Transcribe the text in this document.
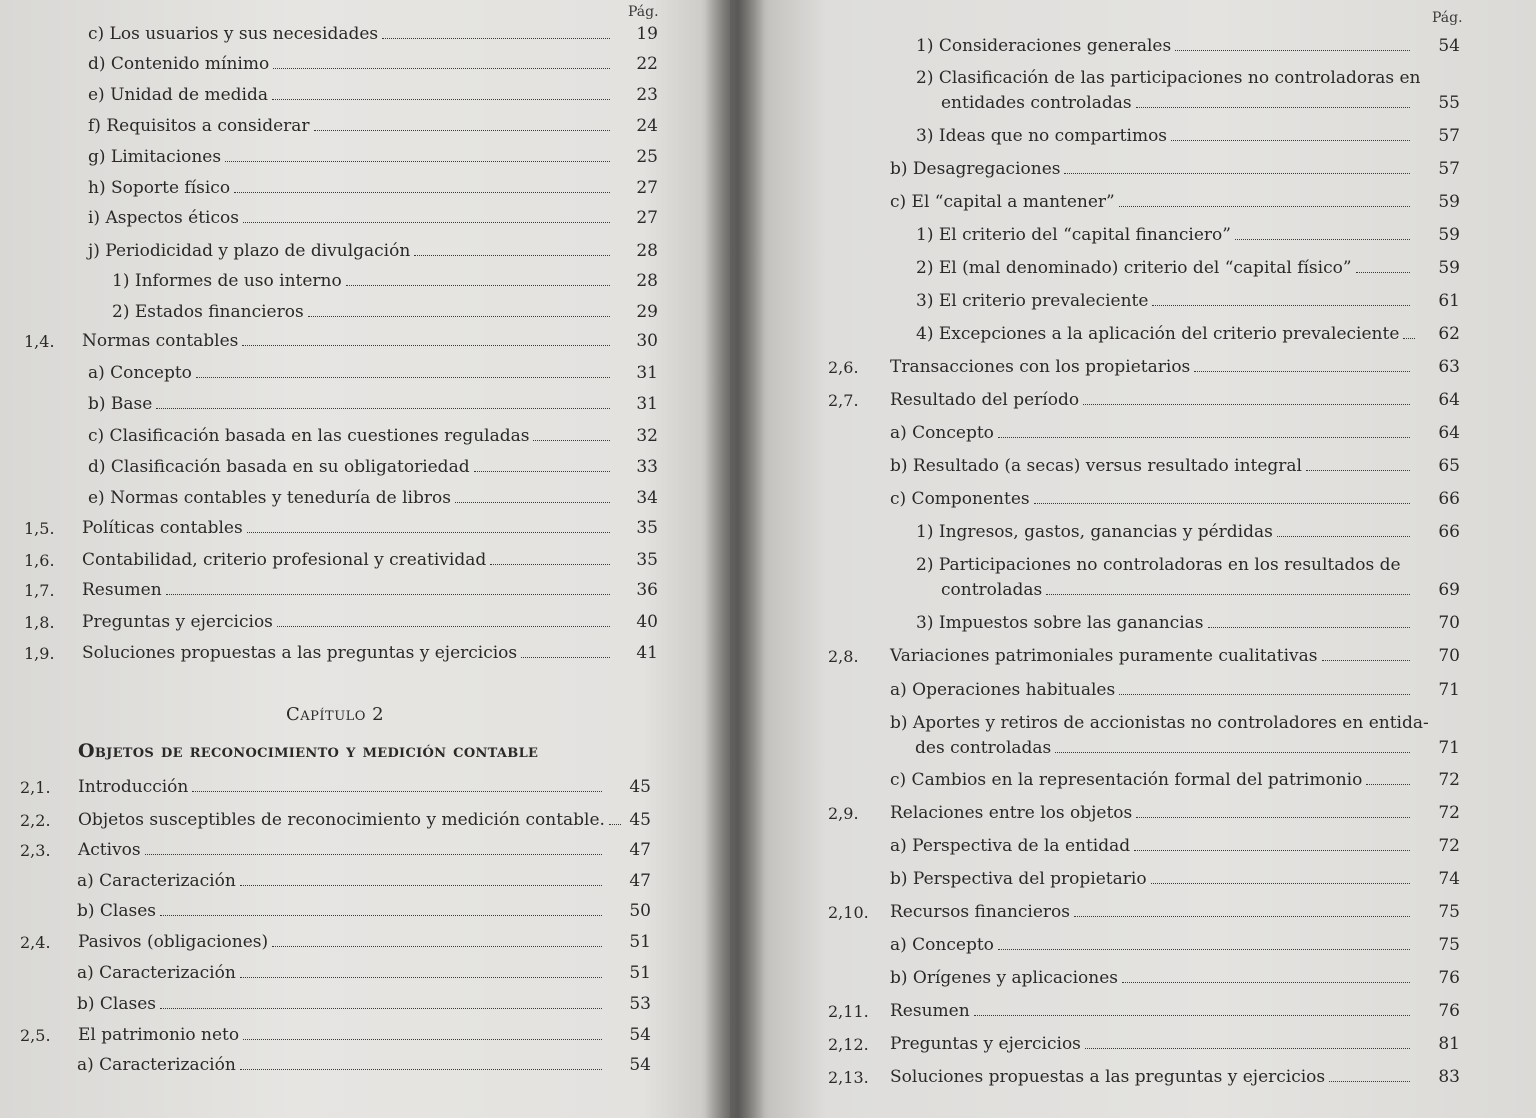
Pág.
c) Los usuarios y sus necesidades	19
d) Contenido mínimo	22
e) Unidad de medida	23
f) Requisitos a considerar	24
g) Limitaciones	25
h) Soporte físico	27
i) Aspectos éticos	27
j) Periodicidad y plazo de divulgación	28
1) Informes de uso interno	28
2) Estados financieros	29
1,4. Normas contables	30
a) Concepto	31
b) Base	31
c) Clasificación basada en las cuestiones reguladas	32
d) Clasificación basada en su obligatoriedad	33
e) Normas contables y teneduría de libros	34
1,5. Políticas contables	35
1,6. Contabilidad, criterio profesional y creatividad	35
1,7. Resumen	36
1,8. Preguntas y ejercicios	40
1,9. Soluciones propuestas a las preguntas y ejercicios	41
Capítulo 2
Objetos de reconocimiento y medición contable
2,1. Introducción	45
2,2. Objetos susceptibles de reconocimiento y medición contable.	45
2,3. Activos	47
a) Caracterización	47
b) Clases	50
2,4. Pasivos (obligaciones)	51
a) Caracterización	51
b) Clases	53
2,5. El patrimonio neto	54
a) Caracterización	54
Pág.
1) Consideraciones generales	54
2) Clasificación de las participaciones no controladoras en
entidades controladas	55
3) Ideas que no compartimos	57
b) Desagregaciones	57
c) El “capital a mantener”	59
1) El criterio del “capital financiero”	59
2) El (mal denominado) criterio del “capital físico”	59
3) El criterio prevaleciente	61
4) Excepciones a la aplicación del criterio prevaleciente	62
2,6. Transacciones con los propietarios	63
2,7. Resultado del período	64
a) Concepto	64
b) Resultado (a secas) versus resultado integral	65
c) Componentes	66
1) Ingresos, gastos, ganancias y pérdidas	66
2) Participaciones no controladoras en los resultados de
controladas	69
3) Impuestos sobre las ganancias	70
2,8. Variaciones patrimoniales puramente cualitativas	70
a) Operaciones habituales	71
b) Aportes y retiros de accionistas no controladores en entida-
des controladas	71
c) Cambios en la representación formal del patrimonio	72
2,9. Relaciones entre los objetos	72
a) Perspectiva de la entidad	72
b) Perspectiva del propietario	74
2,10. Recursos financieros	75
a) Concepto	75
b) Orígenes y aplicaciones	76
2,11. Resumen	76
2,12. Preguntas y ejercicios	81
2,13. Soluciones propuestas a las preguntas y ejercicios	83
